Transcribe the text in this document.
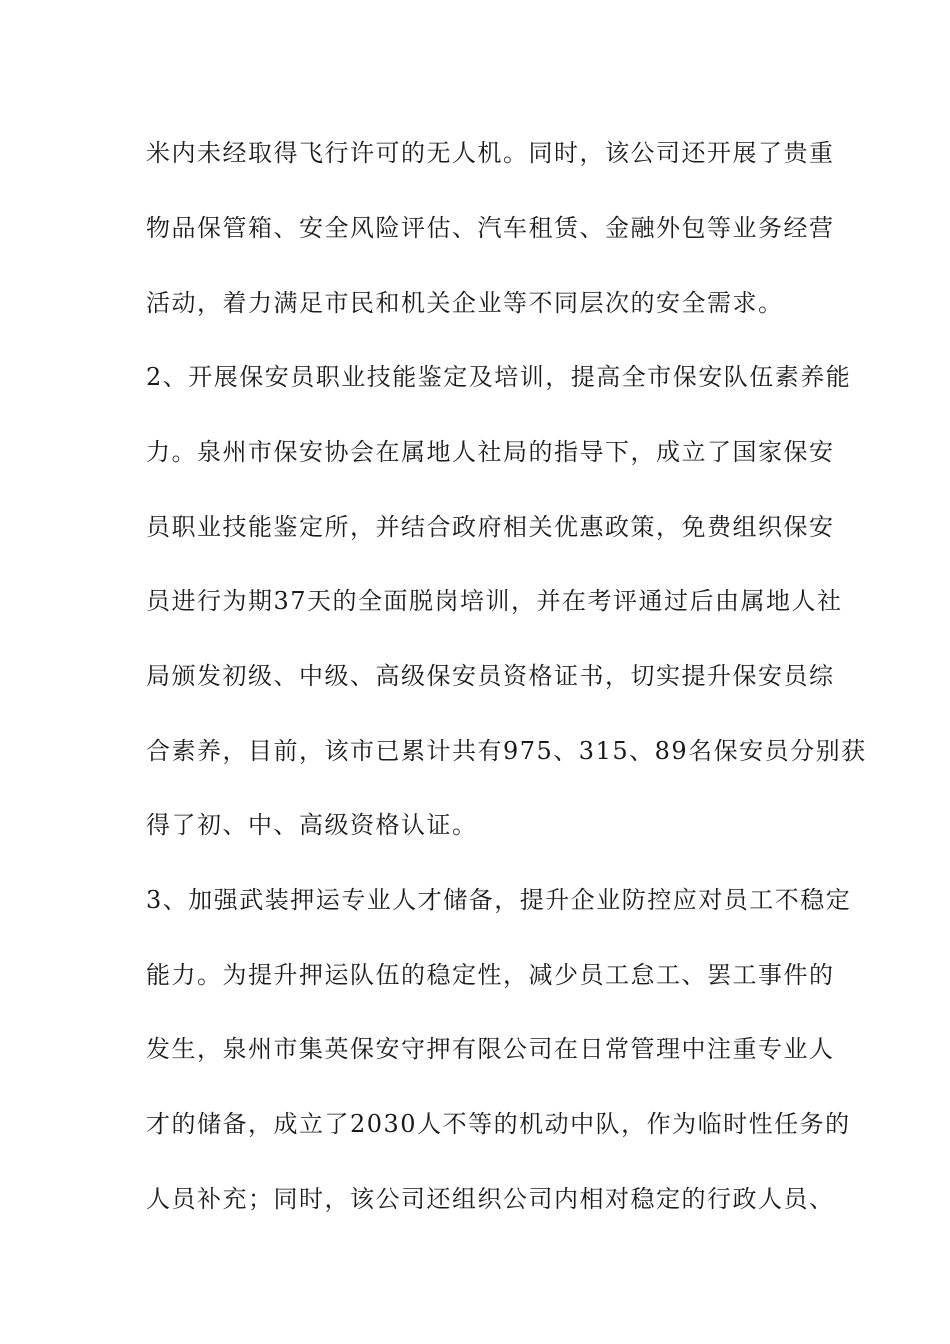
米内未经取得飞行许可的无人机。同时，该公司还开展了贵重
物品保管箱、安全风险评估、汽车租赁、金融外包等业务经营
活动，着力满足市民和机关企业等不同层次的安全需求。
2、开展保安员职业技能鉴定及培训，提高全市保安队伍素养能
力。泉州市保安协会在属地人社局的指导下，成立了国家保安
员职业技能鉴定所，并结合政府相关优惠政策，免费组织保安
员进行为期37天的全面脱岗培训，并在考评通过后由属地人社
局颁发初级、中级、高级保安员资格证书，切实提升保安员综
合素养，目前，该市已累计共有975、315、89名保安员分别获
得了初、中、高级资格认证。
3、加强武装押运专业人才储备，提升企业防控应对员工不稳定
能力。为提升押运队伍的稳定性，减少员工怠工、罢工事件的
发生，泉州市集英保安守押有限公司在日常管理中注重专业人
才的储备，成立了2030人不等的机动中队，作为临时性任务的
人员补充；同时，该公司还组织公司内相对稳定的行政人员、
